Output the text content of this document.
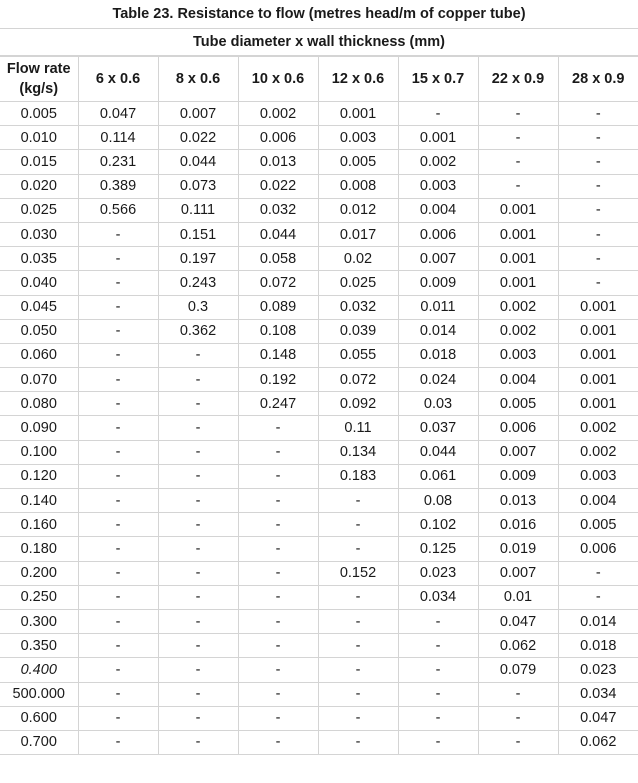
Table 23. Resistance to flow (metres head/m of copper tube)
Tube diameter x wall thickness (mm)
Flow rate
(kg/s)	6 x 0.6	8 x 0.6	10 x 0.6	12 x 0.6	15 x 0.7	22 x 0.9	28 x 0.9
0.005	0.047	0.007	0.002	0.001	-	-	-
0.010	0.114	0.022	0.006	0.003	0.001	-	-
0.015	0.231	0.044	0.013	0.005	0.002	-	-
0.020	0.389	0.073	0.022	0.008	0.003	-	-
0.025	0.566	0.111	0.032	0.012	0.004	0.001	-
0.030	-	0.151	0.044	0.017	0.006	0.001	-
0.035	-	0.197	0.058	0.02	0.007	0.001	-
0.040	-	0.243	0.072	0.025	0.009	0.001	-
0.045	-	0.3	0.089	0.032	0.011	0.002	0.001
0.050	-	0.362	0.108	0.039	0.014	0.002	0.001
0.060	-	-	0.148	0.055	0.018	0.003	0.001
0.070	-	-	0.192	0.072	0.024	0.004	0.001
0.080	-	-	0.247	0.092	0.03	0.005	0.001
0.090	-	-	-	0.11	0.037	0.006	0.002
0.100	-	-	-	0.134	0.044	0.007	0.002
0.120	-	-	-	0.183	0.061	0.009	0.003
0.140	-	-	-	-	0.08	0.013	0.004
0.160	-	-	-	-	0.102	0.016	0.005
0.180	-	-	-	-	0.125	0.019	0.006
0.200	-	-	-	0.152	0.023	0.007	-
0.250	-	-	-	-	0.034	0.01	-
0.300	-	-	-	-	-	0.047	0.014
0.350	-	-	-	-	-	0.062	0.018
0.400	-	-	-	-	-	0.079	0.023
500.000	-	-	-	-	-	-	0.034
0.600	-	-	-	-	-	-	0.047
0.700	-	-	-	-	-	-	0.062
